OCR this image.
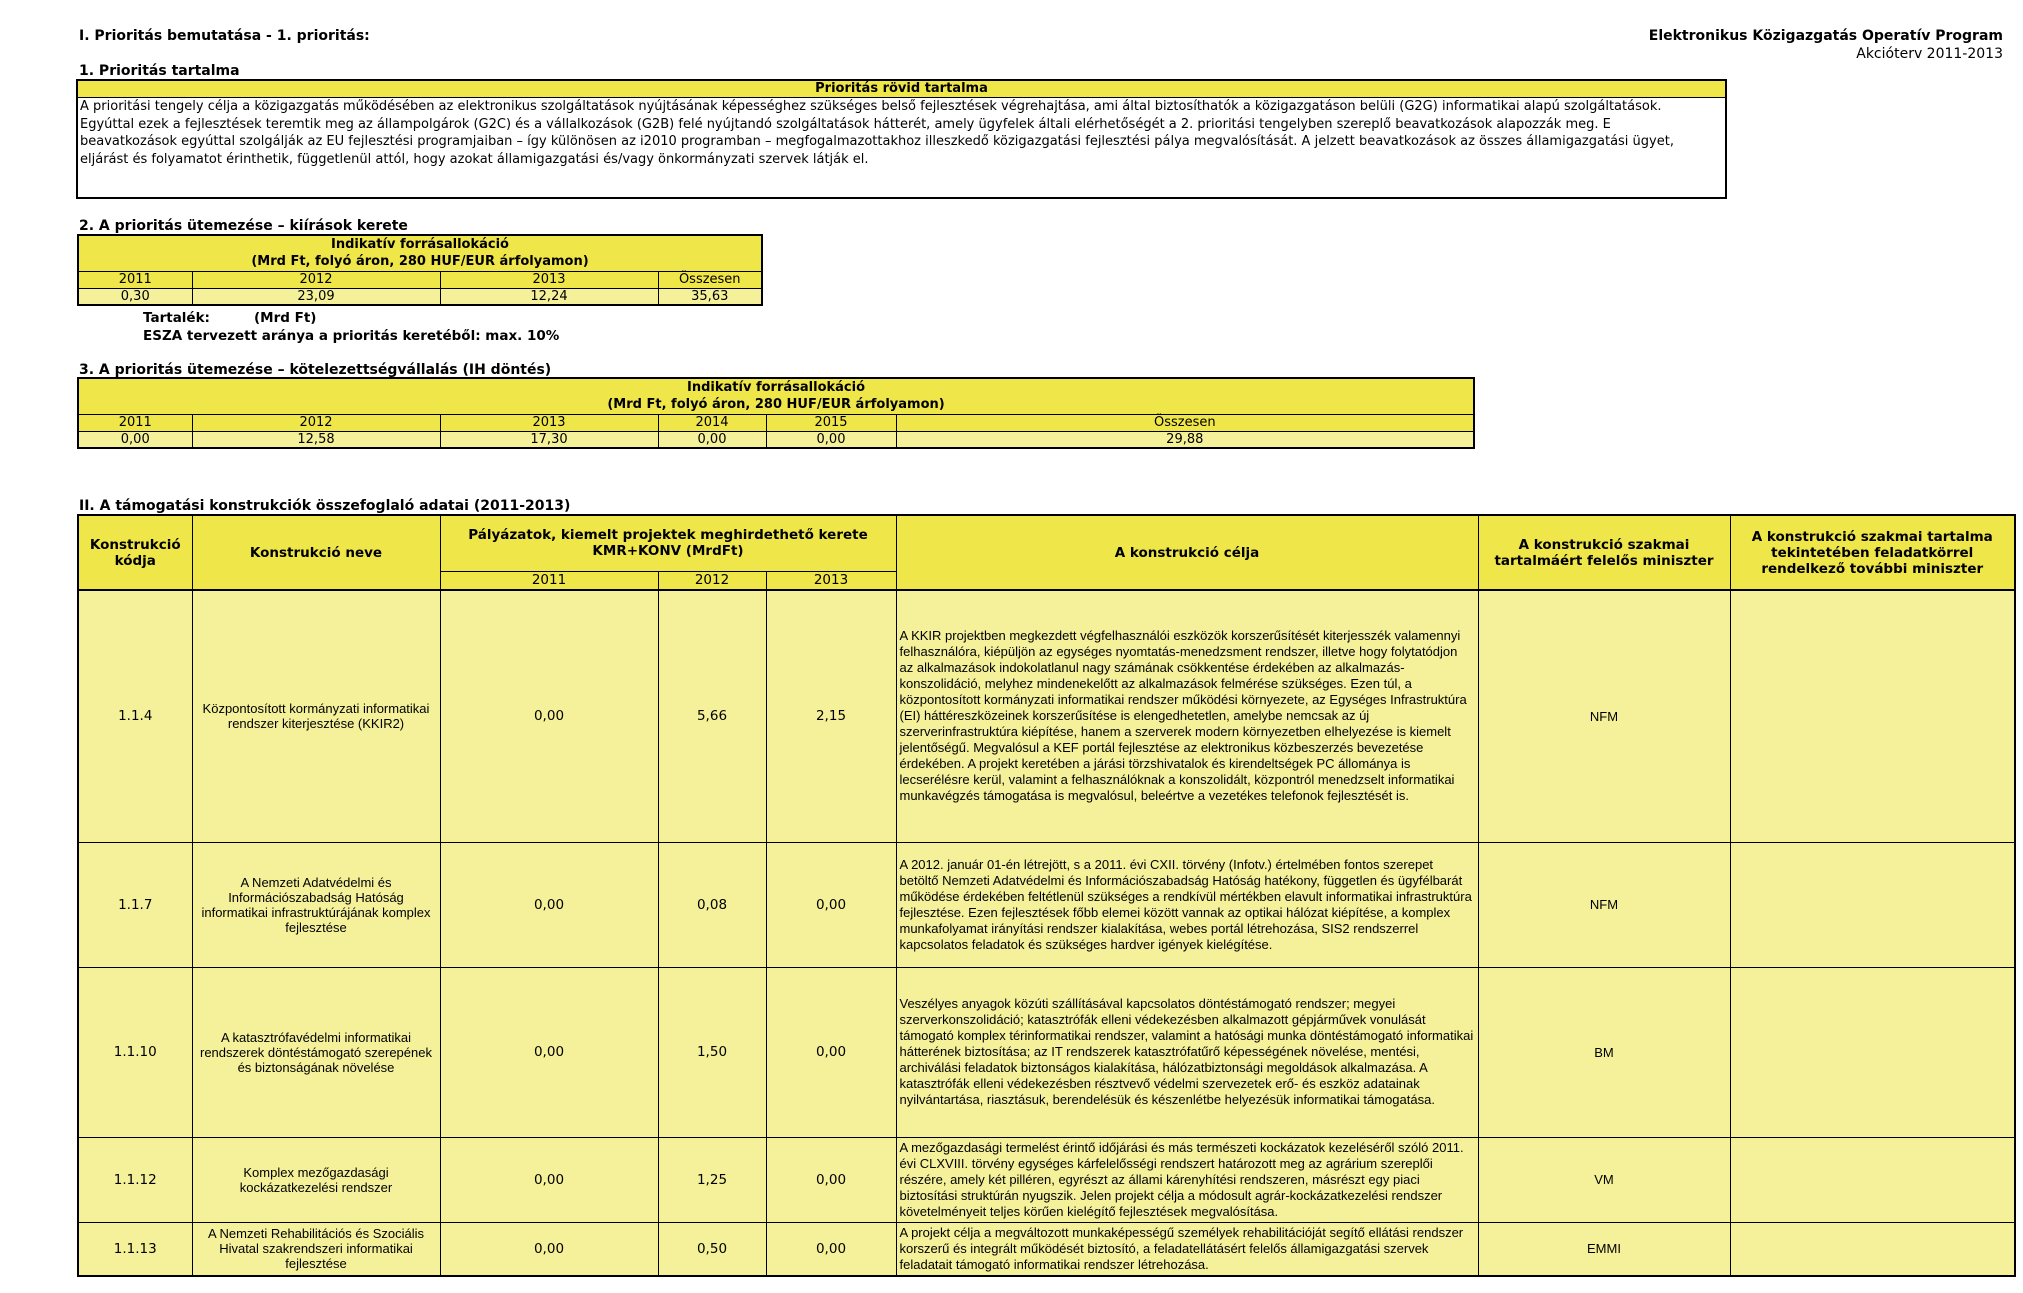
I. Prioritás bemutatása - 1. prioritás:	Elektronikus Közigazgatás Operatív Program
Akcióterv 2011-2013
1. Prioritás tartalma
Prioritás rövid tartalma
A prioritási tengely célja a közigazgatás működésében az elektronikus szolgáltatások nyújtásának képességhez szükséges belső fejlesztések végrehajtása, ami által biztosíthatók a közigazgatáson belüli (G2G) informatikai alapú szolgáltatások.
Egyúttal ezek a fejlesztések teremtik meg az állampolgárok (G2C) és a vállalkozások (G2B) felé nyújtandó szolgáltatások hátterét, amely ügyfelek általi elérhetőségét a 2. prioritási tengelyben szereplő beavatkozások alapozzák meg. E
beavatkozások egyúttal szolgálják az EU fejlesztési programjaiban – így különösen az i2010 programban – megfogalmazottakhoz illeszkedő közigazgatási fejlesztési pálya megvalósítását. A jelzett beavatkozások az összes államigazgatási ügyet,
eljárást és folyamatot érinthetik, függetlenül attól, hogy azokat államigazgatási és/vagy önkormányzati szervek látják el.
2. A prioritás ütemezése – kiírások kerete
Indikatív forrásallokáció			
(Mrd Ft, folyó áron, 280 HUF/EUR árfolyamon)			
2011	2012	2013	Összesen
0,30	23,09	12,24	35,63
Tartalék:	(Mrd Ft)
ESZA tervezett aránya a prioritás keretéből: max. 10%
3. A prioritás ütemezése – kötelezettségvállalás (IH döntés)
Indikatív forrásallokáció					
(Mrd Ft, folyó áron, 280 HUF/EUR árfolyamon)					
2011	2012	2013	2014	2015	Összesen
0,00	12,58	17,30	0,00	0,00	29,88
II. A támogatási konstrukciók összefoglaló adatai (2011-2013)
Konstrukció kódja	Konstrukció neve	Pályázatok, kiemelt projektek meghirdethető kerete KMR+KONV (MrdFt)			A konstrukció célja	A konstrukció szakmai tartalmáért felelős miniszter	A konstrukció szakmai tartalma tekintetében feladatkörrel rendelkező további miniszter
		2011	2012	2013			
1.1.4	Központosított kormányzati informatikai rendszer kiterjesztése (KKIR2)	0,00	5,66	2,15	A KKIR projektben megkezdett végfelhasználói eszközök korszerűsítését kiterjesszék valamennyi felhasználóra, kiépüljön az egységes nyomtatás-menedzsment rendszer, illetve hogy folytatódjon az alkalmazások indokolatlanul nagy számának csökkentése érdekében az alkalmazás-konszolidáció, melyhez mindenekelőtt az alkalmazások felmérése szükséges. Ezen túl, a központosított kormányzati informatikai rendszer működési környezete, az Egységes Infrastruktúra (EI) háttéreszközeinek korszerűsítése is elengedhetetlen, amelybe nemcsak az új szerverinfrastruktúra kiépítése, hanem a szerverek modern környezetben elhelyezése is kiemelt jelentőségű. Megvalósul a KEF portál fejlesztése az elektronikus közbeszerzés bevezetése érdekében. A projekt keretében a járási törzshivatalok és kirendeltségek PC állománya is lecserélésre kerül, valamint a felhasználóknak a konszolidált, központról menedzselt informatikai munkavégzés támogatása is megvalósul, beleértve a vezetékes telefonok fejlesztését is.	NFM	
1.1.7	A Nemzeti Adatvédelmi és Információszabadság Hatóság informatikai infrastruktúrájának komplex fejlesztése	0,00	0,08	0,00	A 2012. január 01-én létrejött, s a 2011. évi CXII. törvény (Infotv.) értelmében fontos szerepet betöltő Nemzeti Adatvédelmi és Információszabadság Hatóság hatékony, független és ügyfélbarát működése érdekében feltétlenül szükséges a rendkívül mértékben elavult informatikai infrastruktúra fejlesztése. Ezen fejlesztések főbb elemei között vannak az optikai hálózat kiépítése, a komplex munkafolyamat irányítási rendszer kialakítása, webes portál létrehozása, SIS2 rendszerrel kapcsolatos feladatok és szükséges hardver igények kielégítése.	NFM	
1.1.10	A katasztrófavédelmi informatikai rendszerek döntéstámogató szerepének és biztonságának növelése	0,00	1,50	0,00	Veszélyes anyagok közúti szállításával kapcsolatos döntéstámogató rendszer; megyei szerverkonszolidáció; katasztrófák elleni védekezésben alkalmazott gépjárművek vonulását támogató komplex térinformatikai rendszer, valamint a hatósági munka döntéstámogató informatikai hátterének biztosítása; az IT rendszerek katasztrófatűrő képességének növelése, mentési, archiválási feladatok biztonságos kialakítása, hálózatbiztonsági megoldások alkalmazása. A katasztrófák elleni védekezésben résztvevő védelmi szervezetek erő- és eszköz adatainak nyilvántartása, riasztásuk, berendelésük és készenlétbe helyezésük informatikai támogatása.	BM	
1.1.12	Komplex mezőgazdasági kockázatkezelési rendszer	0,00	1,25	0,00	A mezőgazdasági termelést érintő időjárási és más természeti kockázatok kezeléséről szóló 2011. évi CLXVIII. törvény egységes kárfelelősségi rendszert határozott meg az agrárium szereplői részére, amely két pilléren, egyrészt az állami kárenyhítési rendszeren, másrészt egy piaci biztosítási struktúrán nyugszik. Jelen projekt célja a módosult agrár-kockázatkezelési rendszer követelményeit teljes körűen kielégítő fejlesztések megvalósítása.	VM	
1.1.13	A Nemzeti Rehabilitációs és Szociális Hivatal szakrendszeri informatikai fejlesztése	0,00	0,50	0,00	A projekt célja a megváltozott munkaképességű személyek rehabilitációját segítő ellátási rendszer korszerű és integrált működését biztosító, a feladatellátásért felelős államigazgatási szervek feladatait támogató informatikai rendszer létrehozása.	EMMI	
